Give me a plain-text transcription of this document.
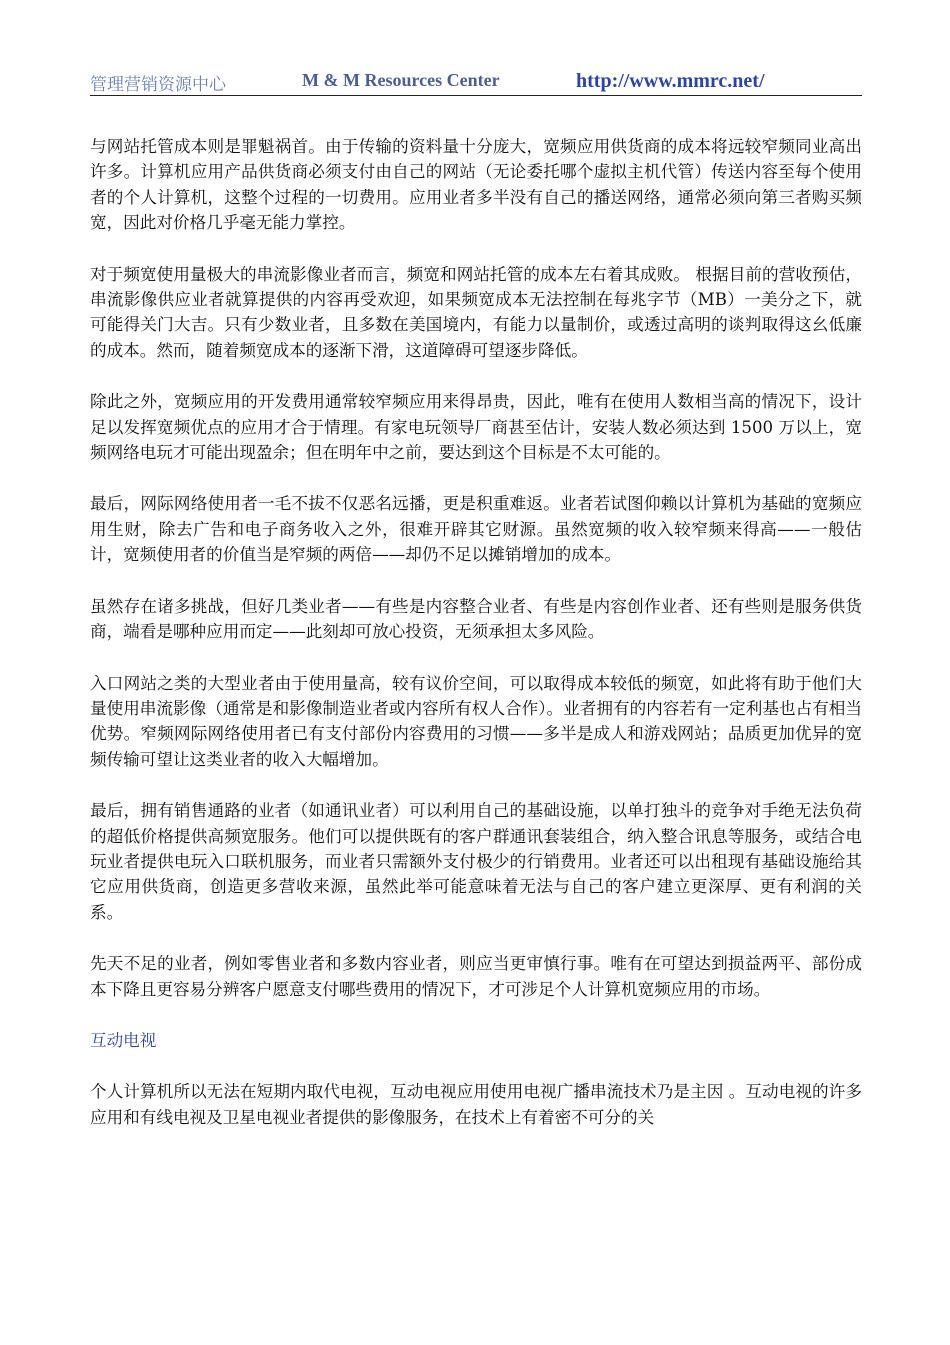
管理营销资源中心	M & M Resources Center	http://www.mmrc.net/

与网站托管成本则是罪魁祸首。由于传输的资料量十分庞大，宽频应用供货商的成本将远较窄频同业高出许多。计算机应用产品供货商必须支付由自己的网站（无论委托哪个虚拟主机代管）传送内容至每个使用者的个人计算机，这整个过程的一切费用。应用业者多半没有自己的播送网络，通常必须向第三者购买频宽，因此对价格几乎毫无能力掌控。

对于频宽使用量极大的串流影像业者而言，频宽和网站托管的成本左右着其成败。 根据目前的营收预估，串流影像供应业者就算提供的内容再受欢迎，如果频宽成本无法控制在每兆字节（MB）一美分之下，就可能得关门大吉。只有少数业者，且多数在美国境内，有能力以量制价，或透过高明的谈判取得这幺低廉的成本。然而，随着频宽成本的逐渐下滑，这道障碍可望逐步降低。

除此之外，宽频应用的开发费用通常较窄频应用来得昂贵，因此，唯有在使用人数相当高的情况下，设计足以发挥宽频优点的应用才合于情理。有家电玩领导厂商甚至估计，安装人数必须达到 1500 万以上，宽频网络电玩才可能出现盈余；但在明年中之前，要达到这个目标是不太可能的。

最后，网际网络使用者一毛不拔不仅恶名远播，更是积重难返。业者若试图仰赖以计算机为基础的宽频应用生财，除去广告和电子商务收入之外，很难开辟其它财源。虽然宽频的收入较窄频来得高——一般估计，宽频使用者的价值当是窄频的两倍——却仍不足以摊销增加的成本。

虽然存在诸多挑战，但好几类业者——有些是内容整合业者、有些是内容创作业者、还有些则是服务供货商，端看是哪种应用而定——此刻却可放心投资，无须承担太多风险。

入口网站之类的大型业者由于使用量高，较有议价空间，可以取得成本较低的频宽，如此将有助于他们大量使用串流影像（通常是和影像制造业者或内容所有权人合作）。业者拥有的内容若有一定利基也占有相当优势。窄频网际网络使用者已有支付部份内容费用的习惯——多半是成人和游戏网站；品质更加优异的宽频传输可望让这类业者的收入大幅增加。

最后，拥有销售通路的业者（如通讯业者）可以利用自己的基础设施，以单打独斗的竞争对手绝无法负荷的超低价格提供高频宽服务。他们可以提供既有的客户群通讯套装组合，纳入整合讯息等服务，或结合电玩业者提供电玩入口联机服务，而业者只需额外支付极少的行销费用。业者还可以出租现有基础设施给其它应用供货商，创造更多营收来源，虽然此举可能意味着无法与自己的客户建立更深厚、更有利润的关系。

先天不足的业者，例如零售业者和多数内容业者，则应当更审慎行事。唯有在可望达到损益两平、部份成本下降且更容易分辨客户愿意支付哪些费用的情况下，才可涉足个人计算机宽频应用的市场。

互动电视

个人计算机所以无法在短期内取代电视，互动电视应用使用电视广播串流技术乃是主因 。互动电视的许多应用和有线电视及卫星电视业者提供的影像服务，在技术上有着密不可分的关
